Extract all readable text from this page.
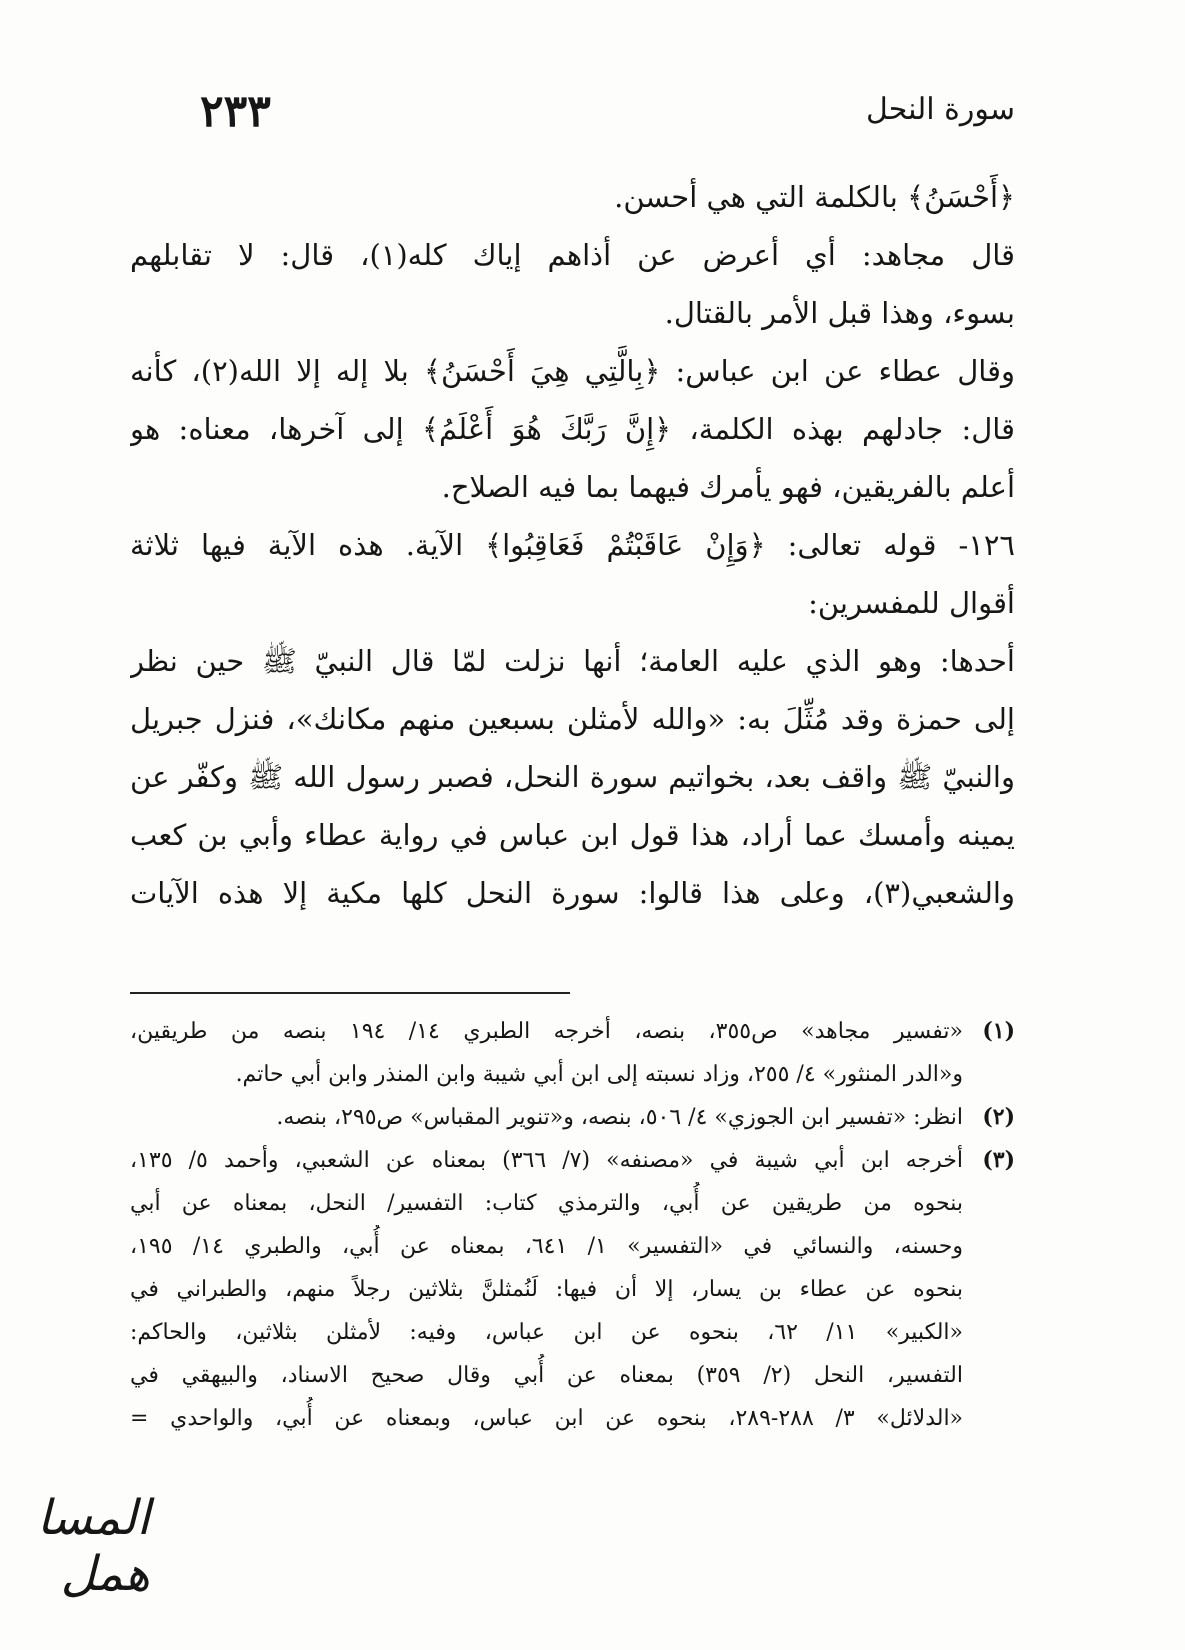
٢٣٣	سورة النحل
﴿أَحْسَنُ﴾ بالكلمة التي هي أحسن.
قال مجاهد: أي أعرض عن أذاهم إياك كله(١)، قال: لا تقابلهم
بسوء، وهذا قبل الأمر بالقتال.
وقال عطاء عن ابن عباس: ﴿بِالَّتِي هِيَ أَحْسَنُ﴾ بلا إله إلا الله(٢)، كأنه
قال: جادلهم بهذه الكلمة، ﴿إِنَّ رَبَّكَ هُوَ أَعْلَمُ﴾ إلى آخرها، معناه: هو
أعلم بالفريقين، فهو يأمرك فيهما بما فيه الصلاح.
١٢٦- قوله تعالى: ﴿وَإِنْ عَاقَبْتُمْ فَعَاقِبُوا﴾ الآية. هذه الآية فيها ثلاثة
أقوال للمفسرين:
أحدها: وهو الذي عليه العامة؛ أنها نزلت لمّا قال النبيّ ﷺ حين نظر
إلى حمزة وقد مُثِّلَ به: «والله لأمثلن بسبعين منهم مكانك»، فنزل جبريل
والنبيّ ﷺ واقف بعد، بخواتيم سورة النحل، فصبر رسول الله ﷺ وكفّر عن
يمينه وأمسك عما أراد، هذا قول ابن عباس في رواية عطاء وأبي بن كعب
والشعبي(٣)، وعلى هذا قالوا: سورة النحل كلها مكية إلا هذه الآيات
(١)
«تفسير مجاهد» ص٣٥٥، بنصه، أخرجه الطبري ١٤/ ١٩٤ بنصه من طريقين،
و«الدر المنثور» ٤/ ٢٥٥، وزاد نسبته إلى ابن أبي شيبة وابن المنذر وابن أبي حاتم.
(٢)
انظر: «تفسير ابن الجوزي» ٤/ ٥٠٦، بنصه، و«تنوير المقباس» ص٢٩٥، بنصه.
(٣)
أخرجه ابن أبي شيبة في «مصنفه» (٧/ ٣٦٦) بمعناه عن الشعبي، وأحمد ٥/ ١٣٥،
بنحوه من طريقين عن أُبي، والترمذي كتاب: التفسير/ النحل، بمعناه عن أبي
وحسنه، والنسائي في «التفسير» ١/ ٦٤١، بمعناه عن أُبي، والطبري ١٤/ ١٩٥،
بنحوه عن عطاء بن يسار، إلا أن فيها: لَنُمثلنَّ بثلاثين رجلاً منهم، والطبراني في
«الكبير» ١١/ ٦٢، بنحوه عن ابن عباس، وفيه: لأمثلن بثلاثين، والحاكم:
التفسير، النحل (٢/ ٣٥٩) بمعناه عن أُبي وقال صحيح الاسناد، والبيهقي في
«الدلائل» ٣/ ٢٨٨-٢٨٩، بنحوه عن ابن عباس، وبمعناه عن أُبي، والواحدي =
المسا همل
